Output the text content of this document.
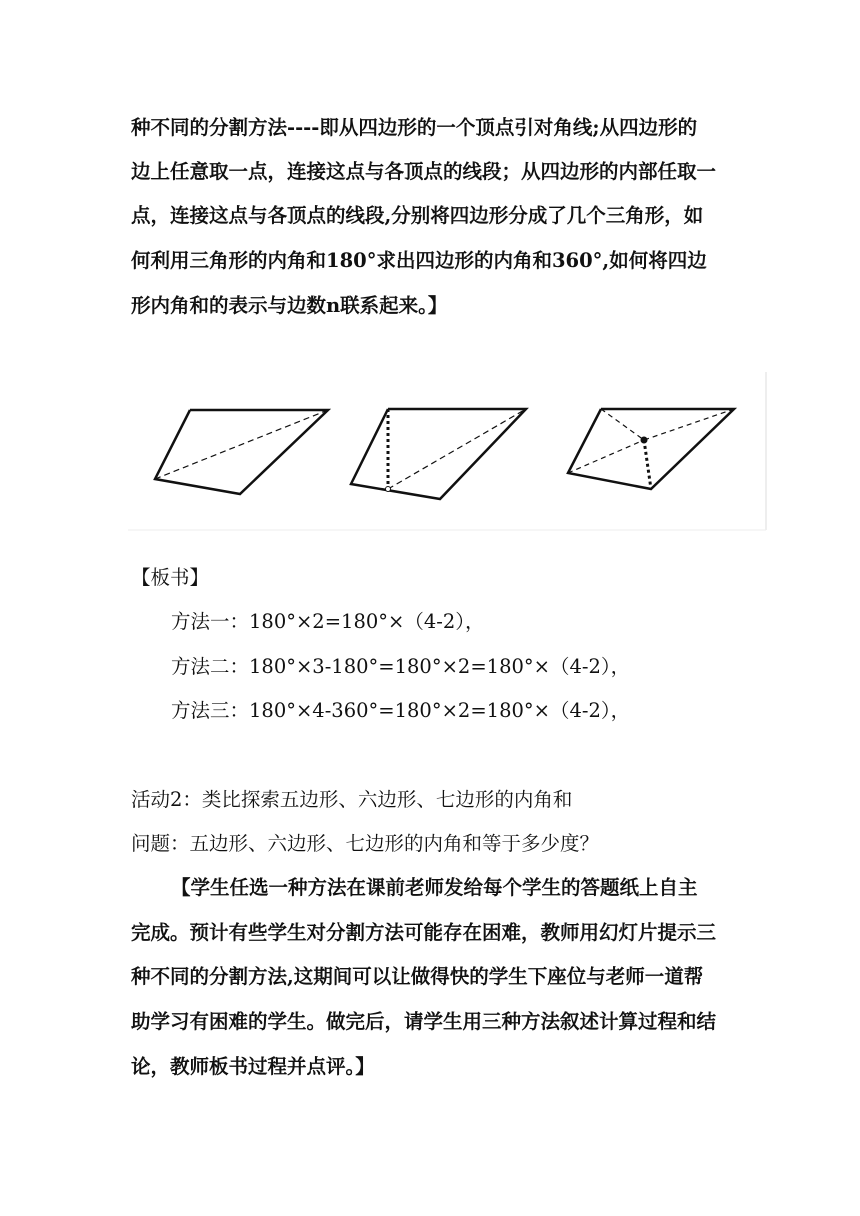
种不同的分割方法----即从四边形的一个顶点引对角线;从四边形的
边上任意取一点，连接这点与各顶点的线段；从四边形的内部任取一
点，连接这点与各顶点的线段,分别将四边形分成了几个三角形，如
何利用三角形的内角和180°求出四边形的内角和360°,如何将四边
形内角和的表示与边数n联系起来。】
【板书】
方法一：180°×2=180°×（4-2），
方法二：180°×3-180°=180°×2=180°×（4-2），
方法三：180°×4-360°=180°×2=180°×（4-2），
活动2：类比探索五边形、六边形、七边形的内角和
问题：五边形、六边形、七边形的内角和等于多少度？
【学生任选一种方法在课前老师发给每个学生的答题纸上自主
完成。预计有些学生对分割方法可能存在困难，教师用幻灯片提示三
种不同的分割方法,这期间可以让做得快的学生下座位与老师一道帮
助学习有困难的学生。做完后，请学生用三种方法叙述计算过程和结
论，教师板书过程并点评。】
